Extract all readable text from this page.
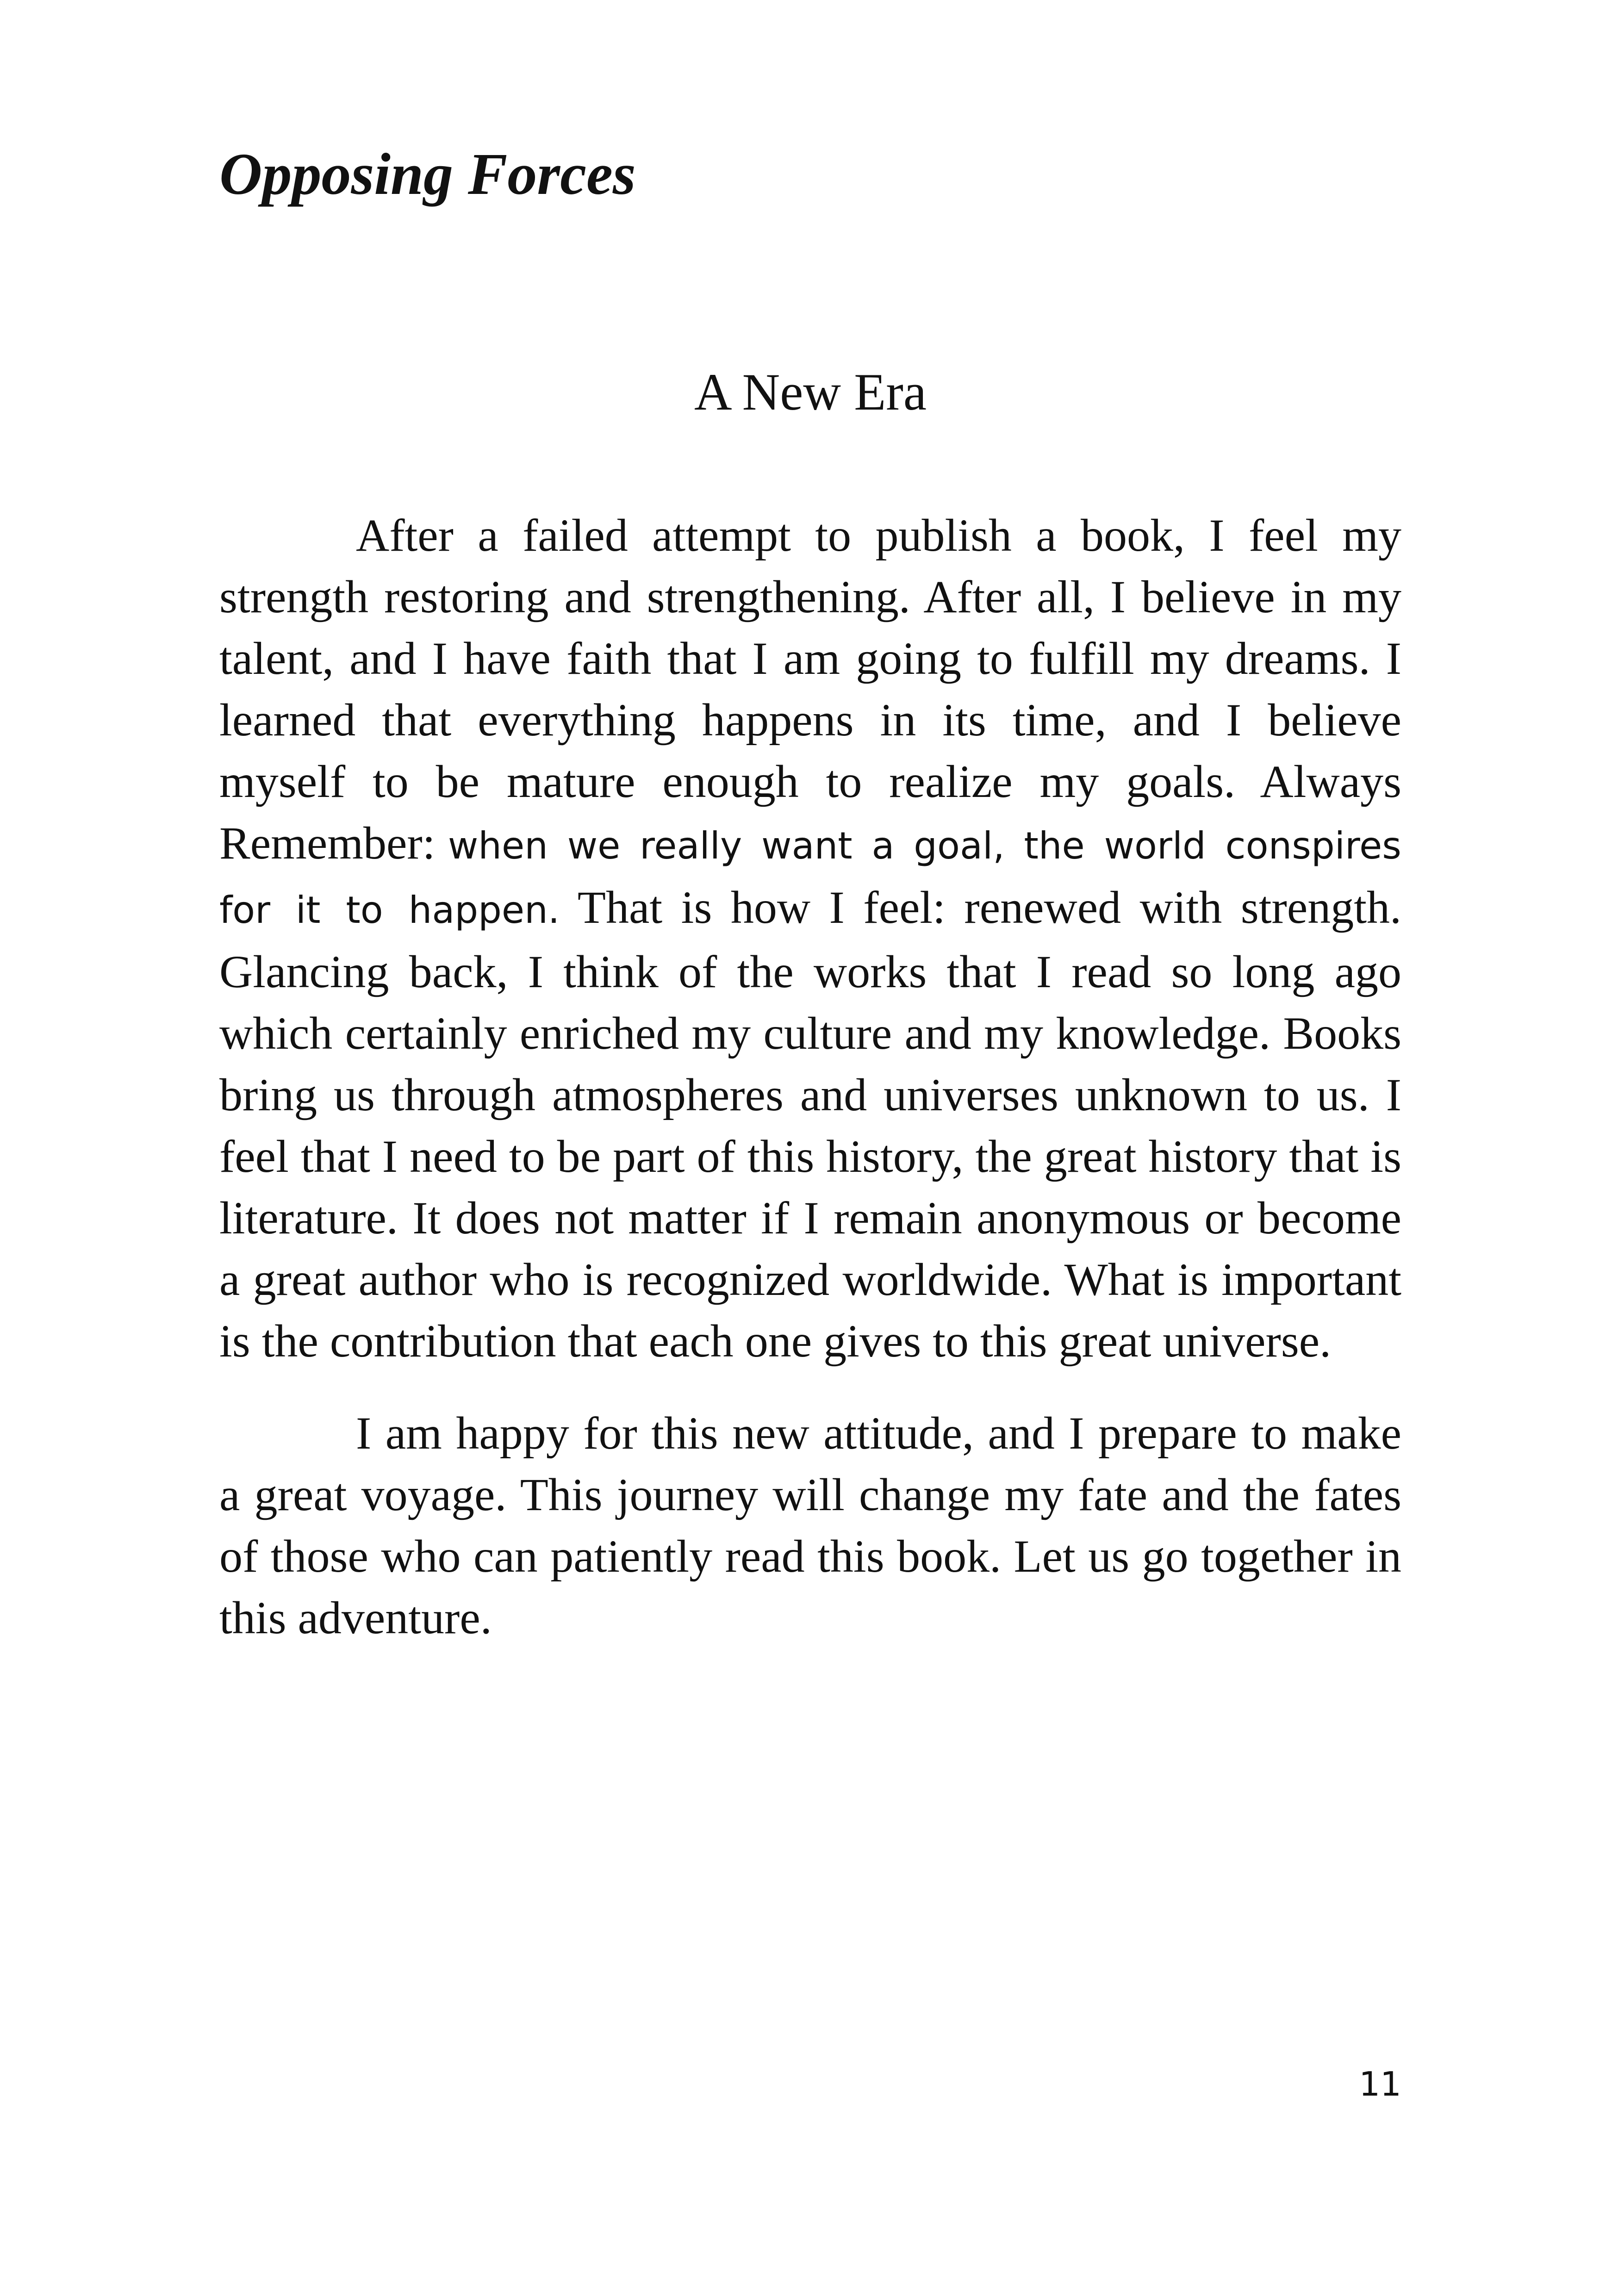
Opposing Forces
A New Era

After a failed attempt to publish a book, I feel my strength restoring and strengthening. After all, I believe in my talent, and I have faith that I am going to fulfill my dreams. I learned that everything happens in its time, and I believe myself to be mature enough to realize my goals. Always Remember: when we really want a goal, the world conspires for it to happen. That is how I feel: renewed with strength. Glancing back, I think of the works that I read so long ago which certainly enriched my culture and my knowledge. Books bring us through atmospheres and universes unknown to us. I feel that I need to be part of this history, the great history that is literature. It does not matter if I remain anonymous or become a great author who is recognized worldwide. What is important is the contribution that each one gives to this great universe.

I am happy for this new attitude, and I prepare to make a great voyage. This journey will change my fate and the fates of those who can patiently read this book. Let us go together in this adventure.

11
